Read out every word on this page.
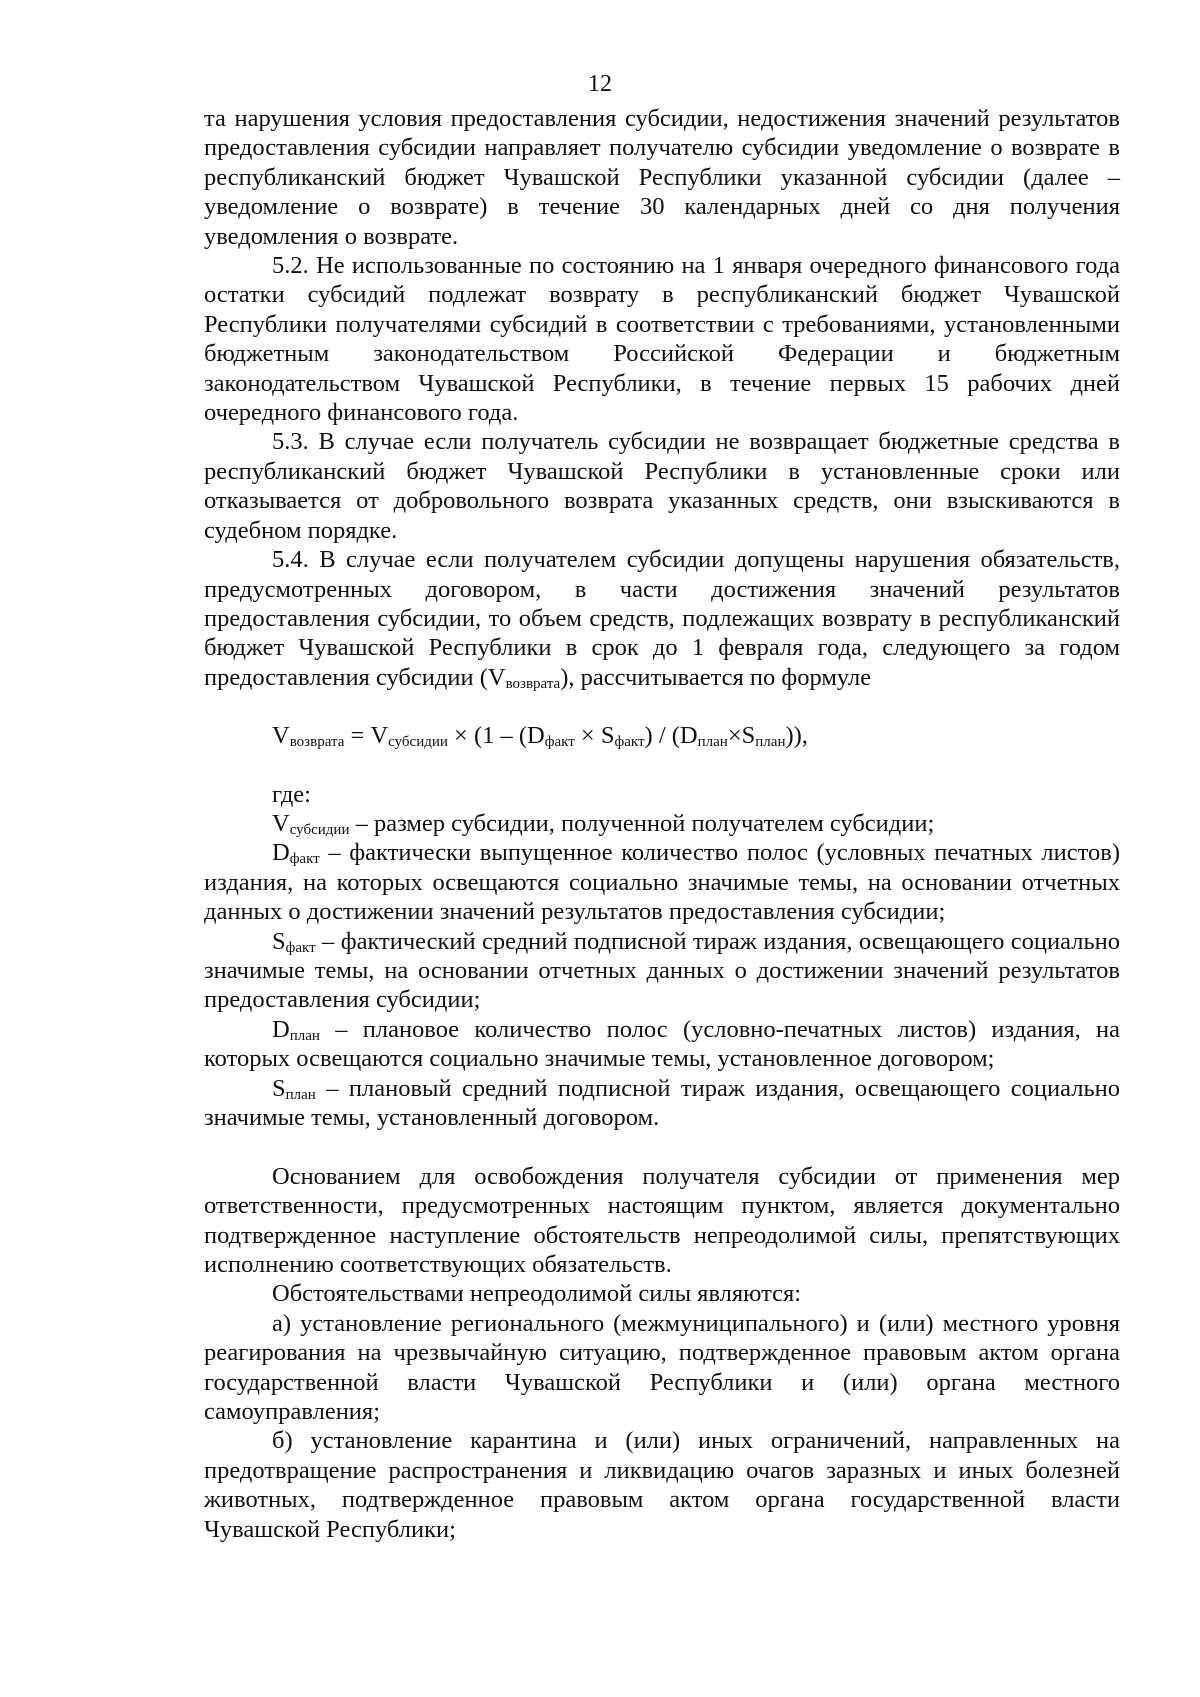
12

та нарушения условия предоставления субсидии, недостижения значений результатов предоставления субсидии направляет получателю субсидии уведомление о возврате в республиканский бюджет Чувашской Республики указанной субсидии (далее – уведомление о возврате) в течение 30 календарных дней со дня получения уведомления о возврате.

5.2. Не использованные по состоянию на 1 января очередного финансового года остатки субсидий подлежат возврату в республиканский бюджет Чувашской Республики получателями субсидий в соответствии с требованиями, установленными бюджетным законодательством Российской Федерации и бюджетным законодательством Чувашской Республики, в течение первых 15 рабочих дней очередного финансового года.

5.3. В случае если получатель субсидии не возвращает бюджетные средства в республиканский бюджет Чувашской Республики в установленные сроки или отказывается от добровольного возврата указанных средств, они взыскиваются в судебном порядке.

5.4. В случае если получателем субсидии допущены нарушения обязательств, предусмотренных договором, в части достижения значений результатов предоставления субсидии, то объем средств, подлежащих возврату в республиканский бюджет Чувашской Республики в срок до 1 февраля года, следующего за годом предоставления субсидии $(V_{возврата})$, рассчитывается по формуле

$V_{возврата} = V_{субсидии} \times (1 - (D_{факт} \times S_{факт}) / (D_{план}\times S_{план}))$,

где:

$V_{субсидии}$ – размер субсидии, полученной получателем субсидии;

$D_{факт}$ – фактически выпущенное количество полос (условных печатных листов) издания, на которых освещаются социально значимые темы, на основании отчетных данных о достижении значений результатов предоставления субсидии;

$S_{факт}$ – фактический средний подписной тираж издания, освещающего социально значимые темы, на основании отчетных данных о достижении значений результатов предоставления субсидии;

$D_{план}$ – плановое количество полос (условно-печатных листов) издания, на которых освещаются социально значимые темы, установленное договором;

$S_{план}$ – плановый средний подписной тираж издания, освещающего социально значимые темы, установленный договором.

Основанием для освобождения получателя субсидии от применения мер ответственности, предусмотренных настоящим пунктом, является документально подтвержденное наступление обстоятельств непреодолимой силы, препятствующих исполнению соответствующих обязательств.

Обстоятельствами непреодолимой силы являются:

а) установление регионального (межмуниципального) и (или) местного уровня реагирования на чрезвычайную ситуацию, подтвержденное правовым актом органа государственной власти Чувашской Республики и (или) органа местного самоуправления;

б) установление карантина и (или) иных ограничений, направленных на предотвращение распространения и ликвидацию очагов заразных и иных болезней животных, подтвержденное правовым актом органа государственной власти Чувашской Республики;
